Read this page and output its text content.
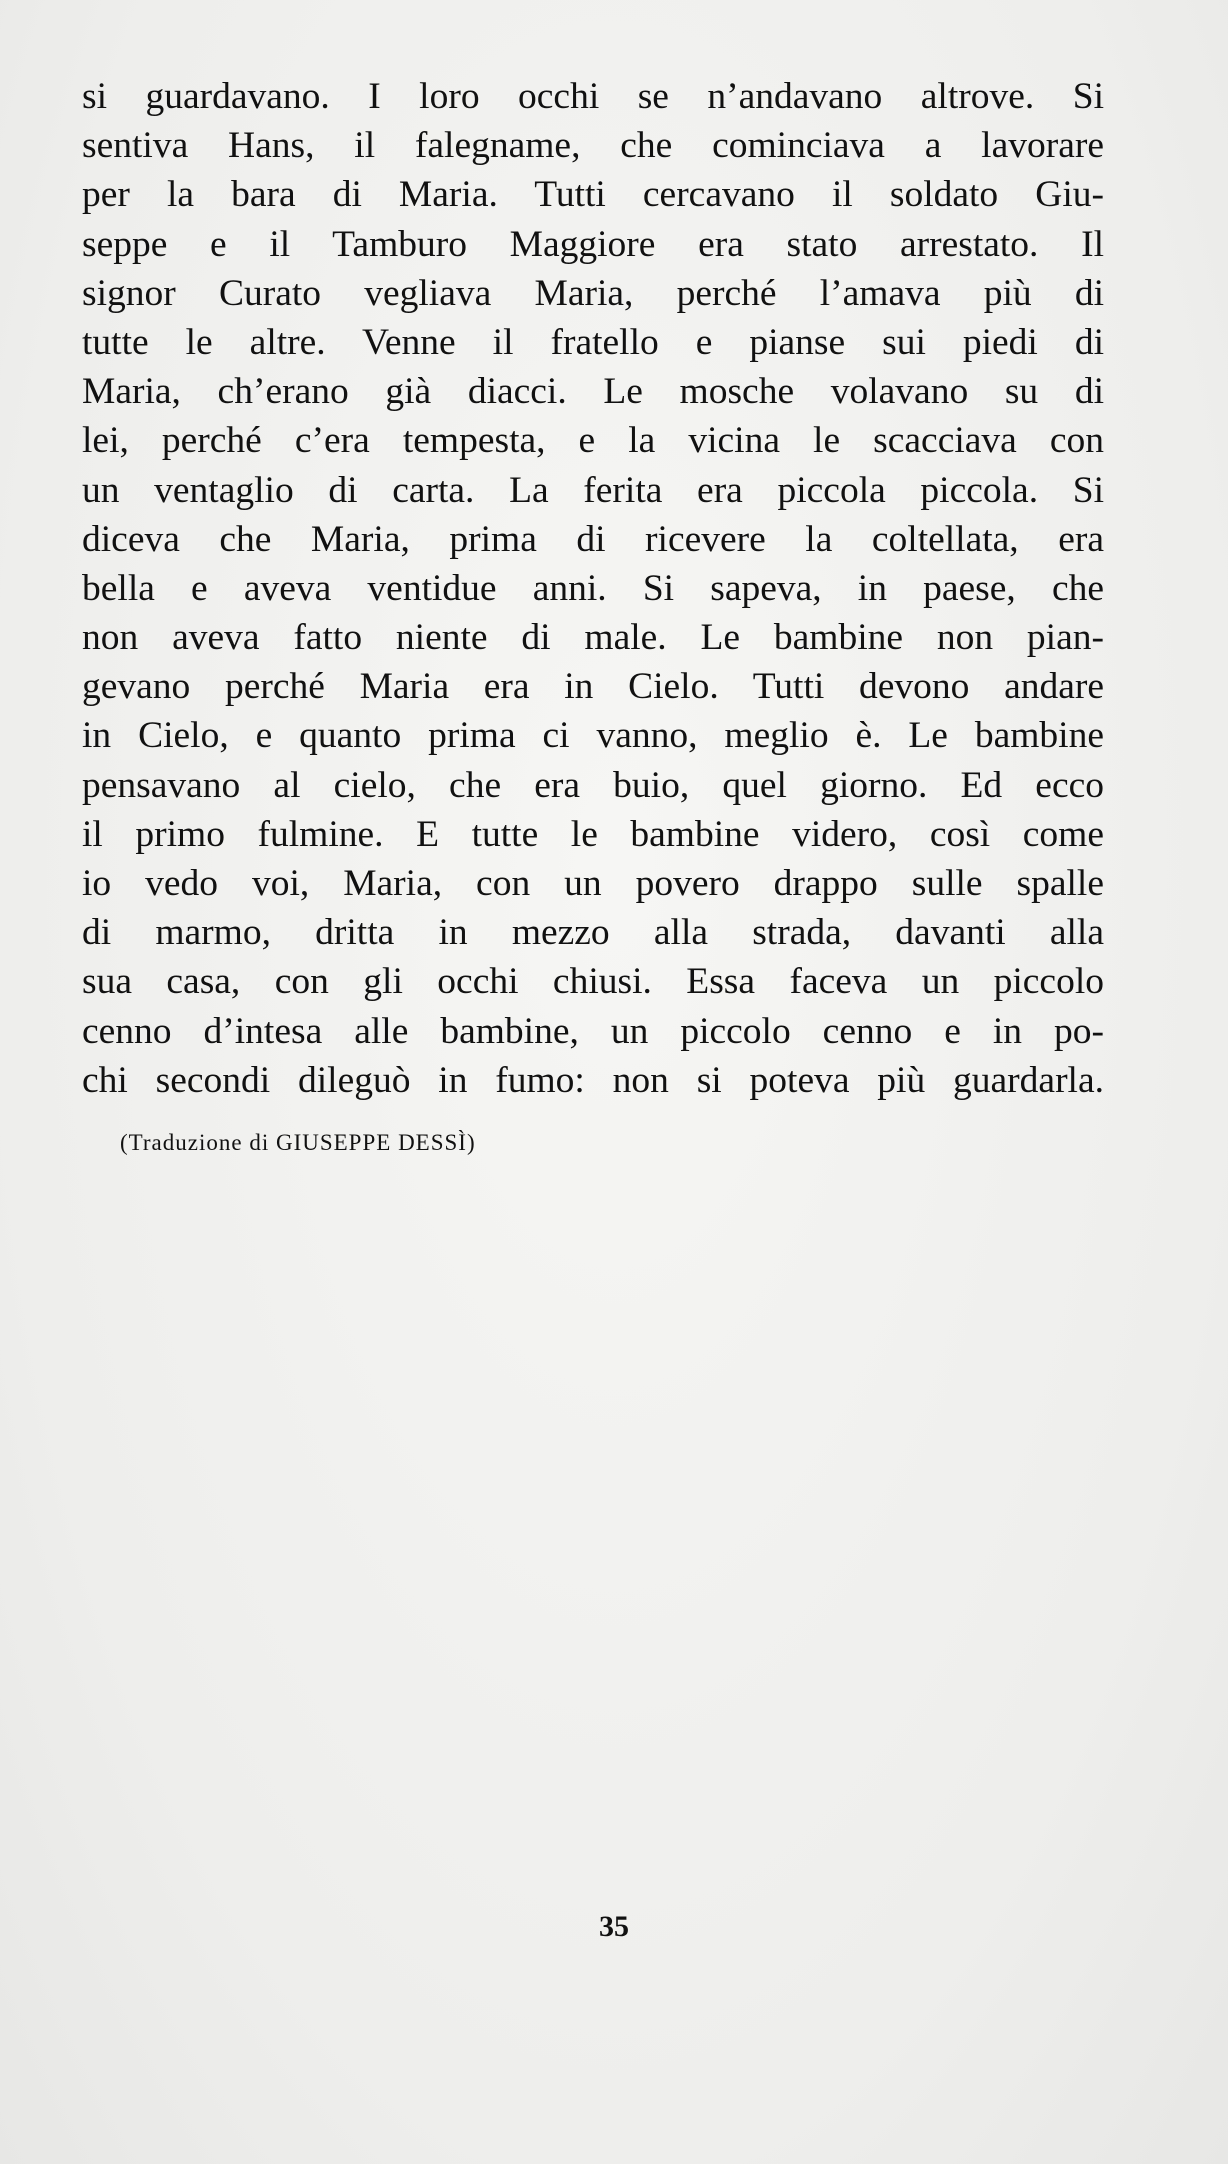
si guardavano. I loro occhi se n’andavano altrove. Si
sentiva Hans, il falegname, che cominciava a lavorare
per la bara di Maria. Tutti cercavano il soldato Giu-
seppe e il Tamburo Maggiore era stato arrestato. Il
signor Curato vegliava Maria, perché l’amava più di
tutte le altre. Venne il fratello e pianse sui piedi di
Maria, ch’erano già diacci. Le mosche volavano su di
lei, perché c’era tempesta, e la vicina le scacciava con
un ventaglio di carta. La ferita era piccola piccola. Si
diceva che Maria, prima di ricevere la coltellata, era
bella e aveva ventidue anni. Si sapeva, in paese, che
non aveva fatto niente di male. Le bambine non pian-
gevano perché Maria era in Cielo. Tutti devono andare
in Cielo, e quanto prima ci vanno, meglio è. Le bambine
pensavano al cielo, che era buio, quel giorno. Ed ecco
il primo fulmine. E tutte le bambine videro, così come
io vedo voi, Maria, con un povero drappo sulle spalle
di marmo, dritta in mezzo alla strada, davanti alla
sua casa, con gli occhi chiusi. Essa faceva un piccolo
cenno d’intesa alle bambine, un piccolo cenno e in po-
chi secondi dileguò in fumo: non si poteva più guardarla.
(Traduzione di GIUSEPPE DESSÌ)
35
